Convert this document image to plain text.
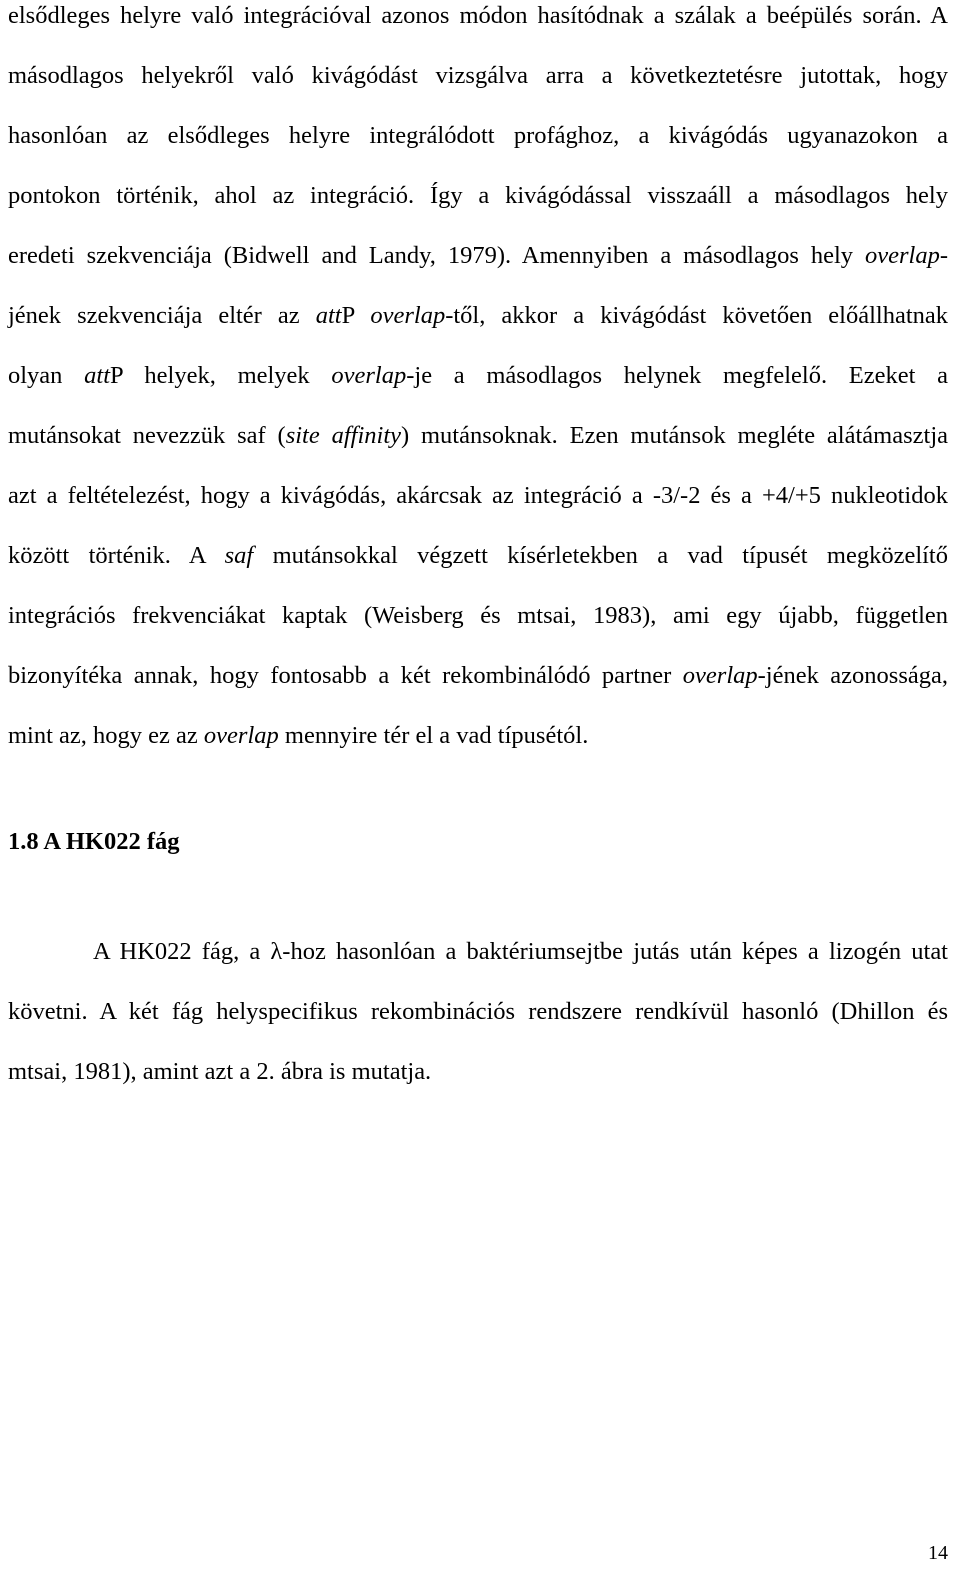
elsődleges helyre való integrációval azonos módon hasítódnak a szálak a beépülés során. A
másodlagos helyekről való kivágódást vizsgálva arra a következtetésre jutottak, hogy
hasonlóan az elsődleges helyre integrálódott profághoz, a kivágódás ugyanazokon a
pontokon történik, ahol az integráció. Így a kivágódással visszaáll a másodlagos hely
eredeti szekvenciája (Bidwell and Landy, 1979). Amennyiben a másodlagos hely overlap-
jének szekvenciája eltér az attP overlap-től, akkor a kivágódást követően előállhatnak
olyan attP helyek, melyek overlap-je a másodlagos helynek megfelelő. Ezeket a
mutánsokat nevezzük saf (site affinity) mutánsoknak. Ezen mutánsok megléte alátámasztja
azt a feltételezést, hogy a kivágódás, akárcsak az integráció a -3/-2 és a +4/+5 nukleotidok
között történik. A saf mutánsokkal végzett kísérletekben a vad típusét megközelítő
integrációs frekvenciákat kaptak (Weisberg és mtsai, 1983), ami egy újabb, független
bizonyítéka annak, hogy fontosabb a két rekombinálódó partner overlap-jének azonossága,
mint az, hogy ez az overlap mennyire tér el a vad típusétól.
1.8 A HK022 fág
A HK022 fág, a λ-hoz hasonlóan a baktériumsejtbe jutás után képes a lizogén utat
követni. A két fág helyspecifikus rekombinációs rendszere rendkívül hasonló (Dhillon és
mtsai, 1981), amint azt a 2. ábra is mutatja.
14
